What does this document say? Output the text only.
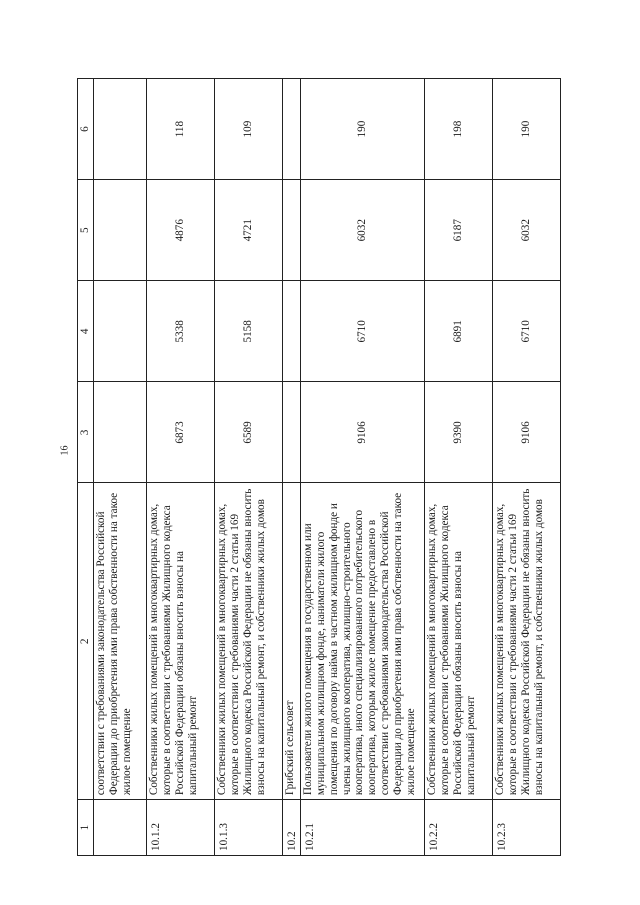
16
1	2	3	4	5	6
	соответствии с требованиями законодательства Российской Федерации до приобретения ими права собственности на такое жилое помещение				
10.1.2	Собственники жилых помещений в многоквартирных домах, которые в соответствии с требованиями Жилищного кодекса Российской Федерации обязаны вносить взносы на капитальный ремонт	6873	5338	4876	118
10.1.3	Собственники жилых помещений в многоквартирных домах, которые в соответствии с требованиями части 2 статьи 169 Жилищного кодекса Российской Федерации не обязаны вносить взносы на капитальный ремонт, и собственники жилых домов	6589	5158	4721	109
10.2	Грибский сельсовет				
10.2.1	Пользователи жилого помещения в государственном или муниципальном жилищном фонде, наниматели жилого помещения по договору найма в частном жилищном фонде и члены жилищного кооператива, жилищно-строительного кооператива, иного специализированного потребительского кооператива, которым жилое помещение предоставлено в соответствии с требованиями законодательства Российской Федерации до приобретения ими права собственности на такое жилое помещение	9106	6710	6032	190
10.2.2	Собственники жилых помещений в многоквартирных домах, которые в соответствии с требованиями Жилищного кодекса Российской Федерации обязаны вносить взносы на капитальный ремонт	9390	6891	6187	198
10.2.3	Собственники жилых помещений в многоквартирных домах, которые в соответствии с требованиями части 2 статьи 169 Жилищного кодекса Российской Федерации не обязаны вносить взносы на капитальный ремонт, и собственники жилых домов	9106	6710	6032	190
